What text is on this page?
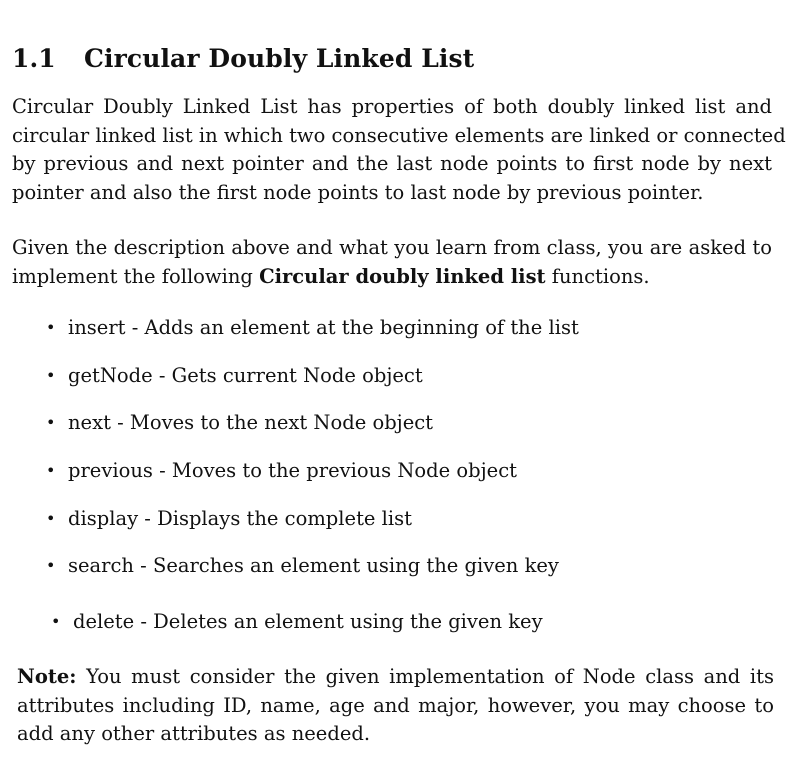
1.1 Circular Doubly Linked List

Circular Doubly Linked List has properties of both doubly linked list and
circular linked list in which two consecutive elements are linked or connected
by previous and next pointer and the last node points to first node by next
pointer and also the first node points to last node by previous pointer.

Given the description above and what you learn from class, you are asked to
implement the following Circular doubly linked list functions.

• insert - Adds an element at the beginning of the list
• getNode - Gets current Node object
• next - Moves to the next Node object
• previous - Moves to the previous Node object
• display - Displays the complete list
• search - Searches an element using the given key
• delete - Deletes an element using the given key

Note: You must consider the given implementation of Node class and its
attributes including ID, name, age and major, however, you may choose to
add any other attributes as needed.
